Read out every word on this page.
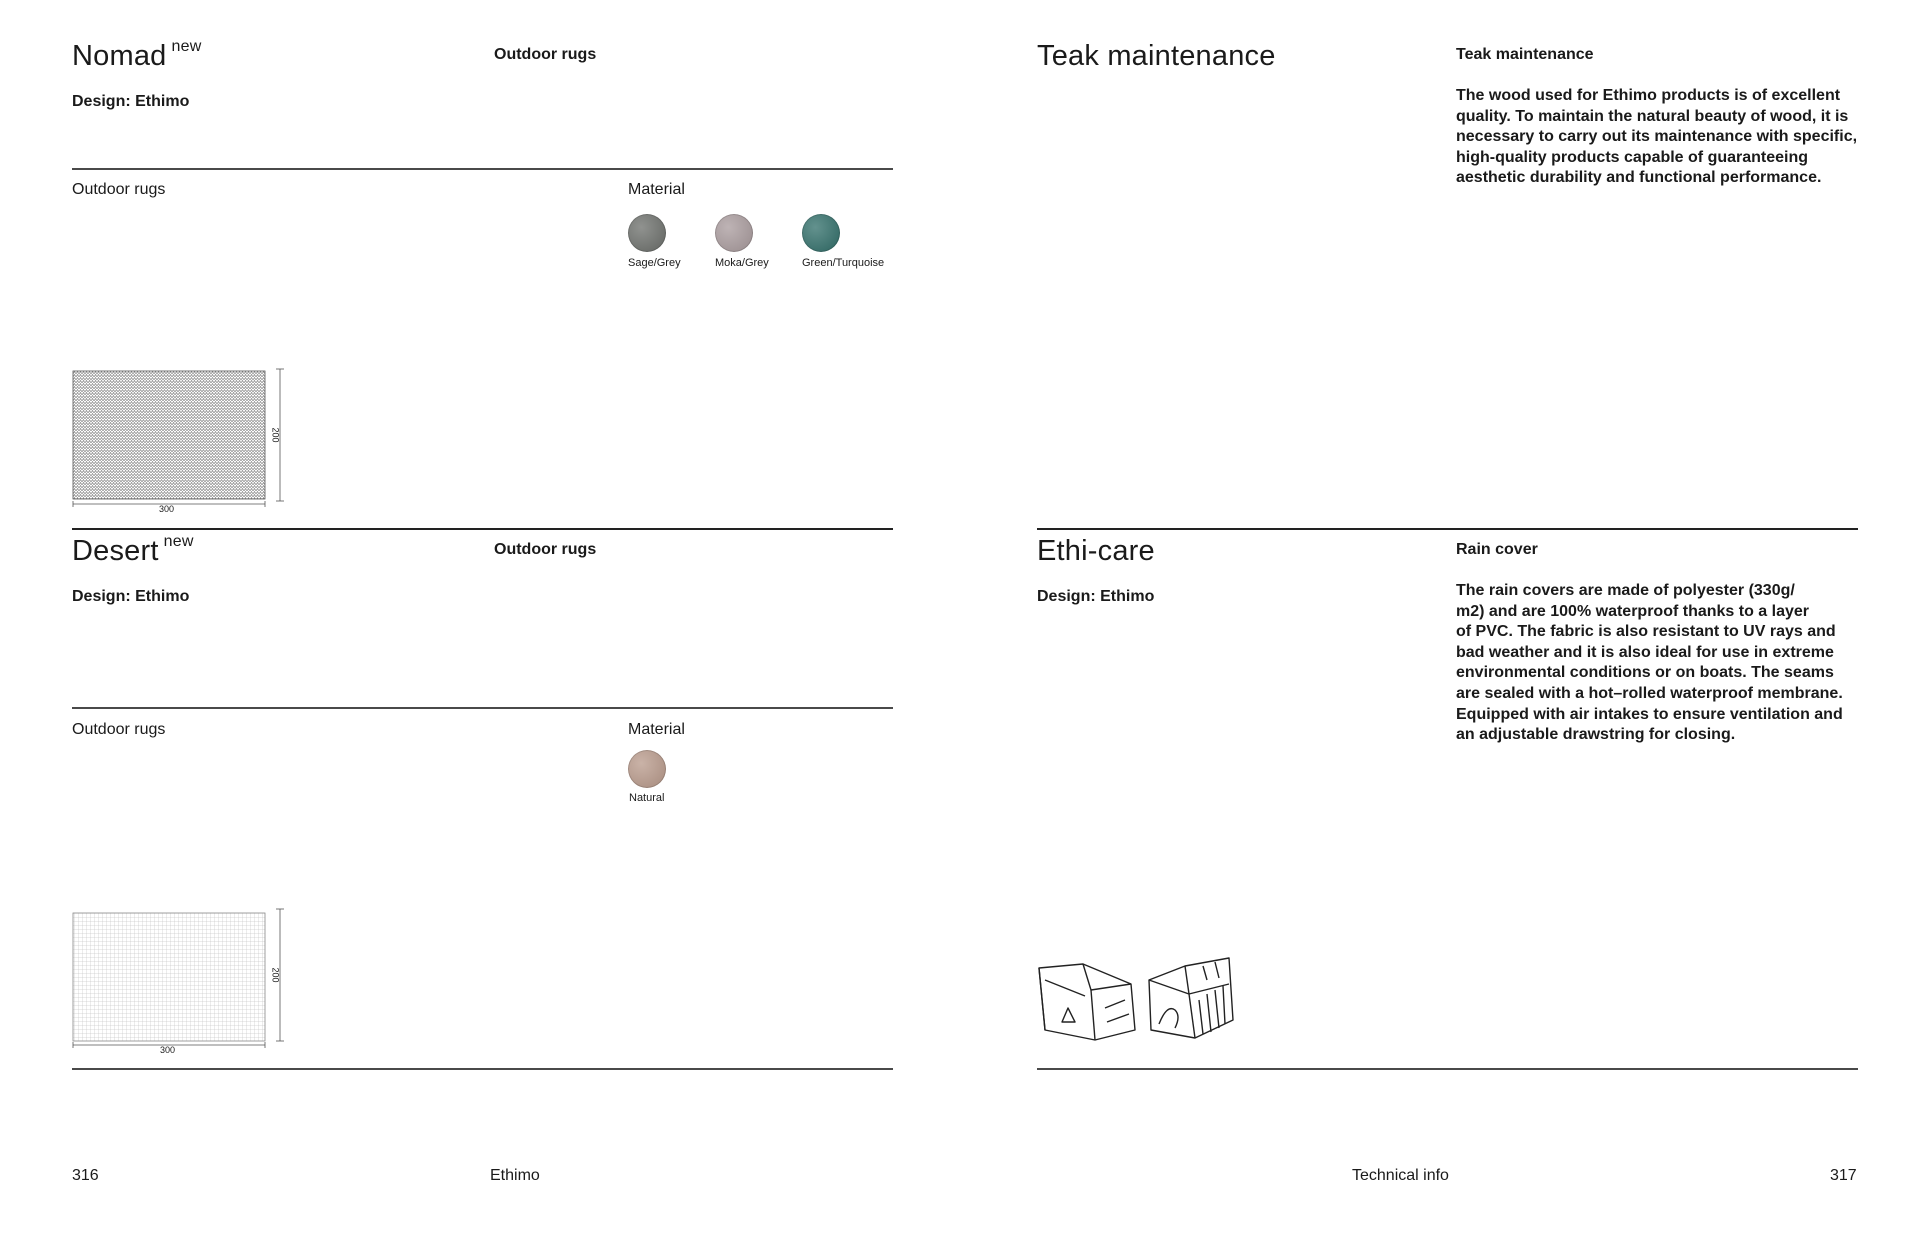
Nomad $^{new}$	Outdoor rugs
Design: Ethimo
Outdoor rugs	Material
Sage/Grey	Moka/Grey	Green/Turquoise
300
200
Desert $^{new}$	Outdoor rugs
Design: Ethimo
Outdoor rugs	Material
Natural
300
200
316	Ethimo
Teak maintenance	Teak maintenance
The wood used for Ethimo products is of excellent
quality. To maintain the natural beauty of wood, it is
necessary to carry out its maintenance with specific,
high-quality products capable of guaranteeing
aesthetic durability and functional performance.
Ethi-care
Design: Ethimo
Rain cover
The rain covers are made of polyester (330g/
m2) and are 100% waterproof thanks to a layer
of PVC. The fabric is also resistant to UV rays and
bad weather and it is also ideal for use in extreme
environmental conditions or on boats. The seams
are sealed with a hot–rolled waterproof membrane.
Equipped with air intakes to ensure ventilation and
an adjustable drawstring for closing.
Technical info	317
